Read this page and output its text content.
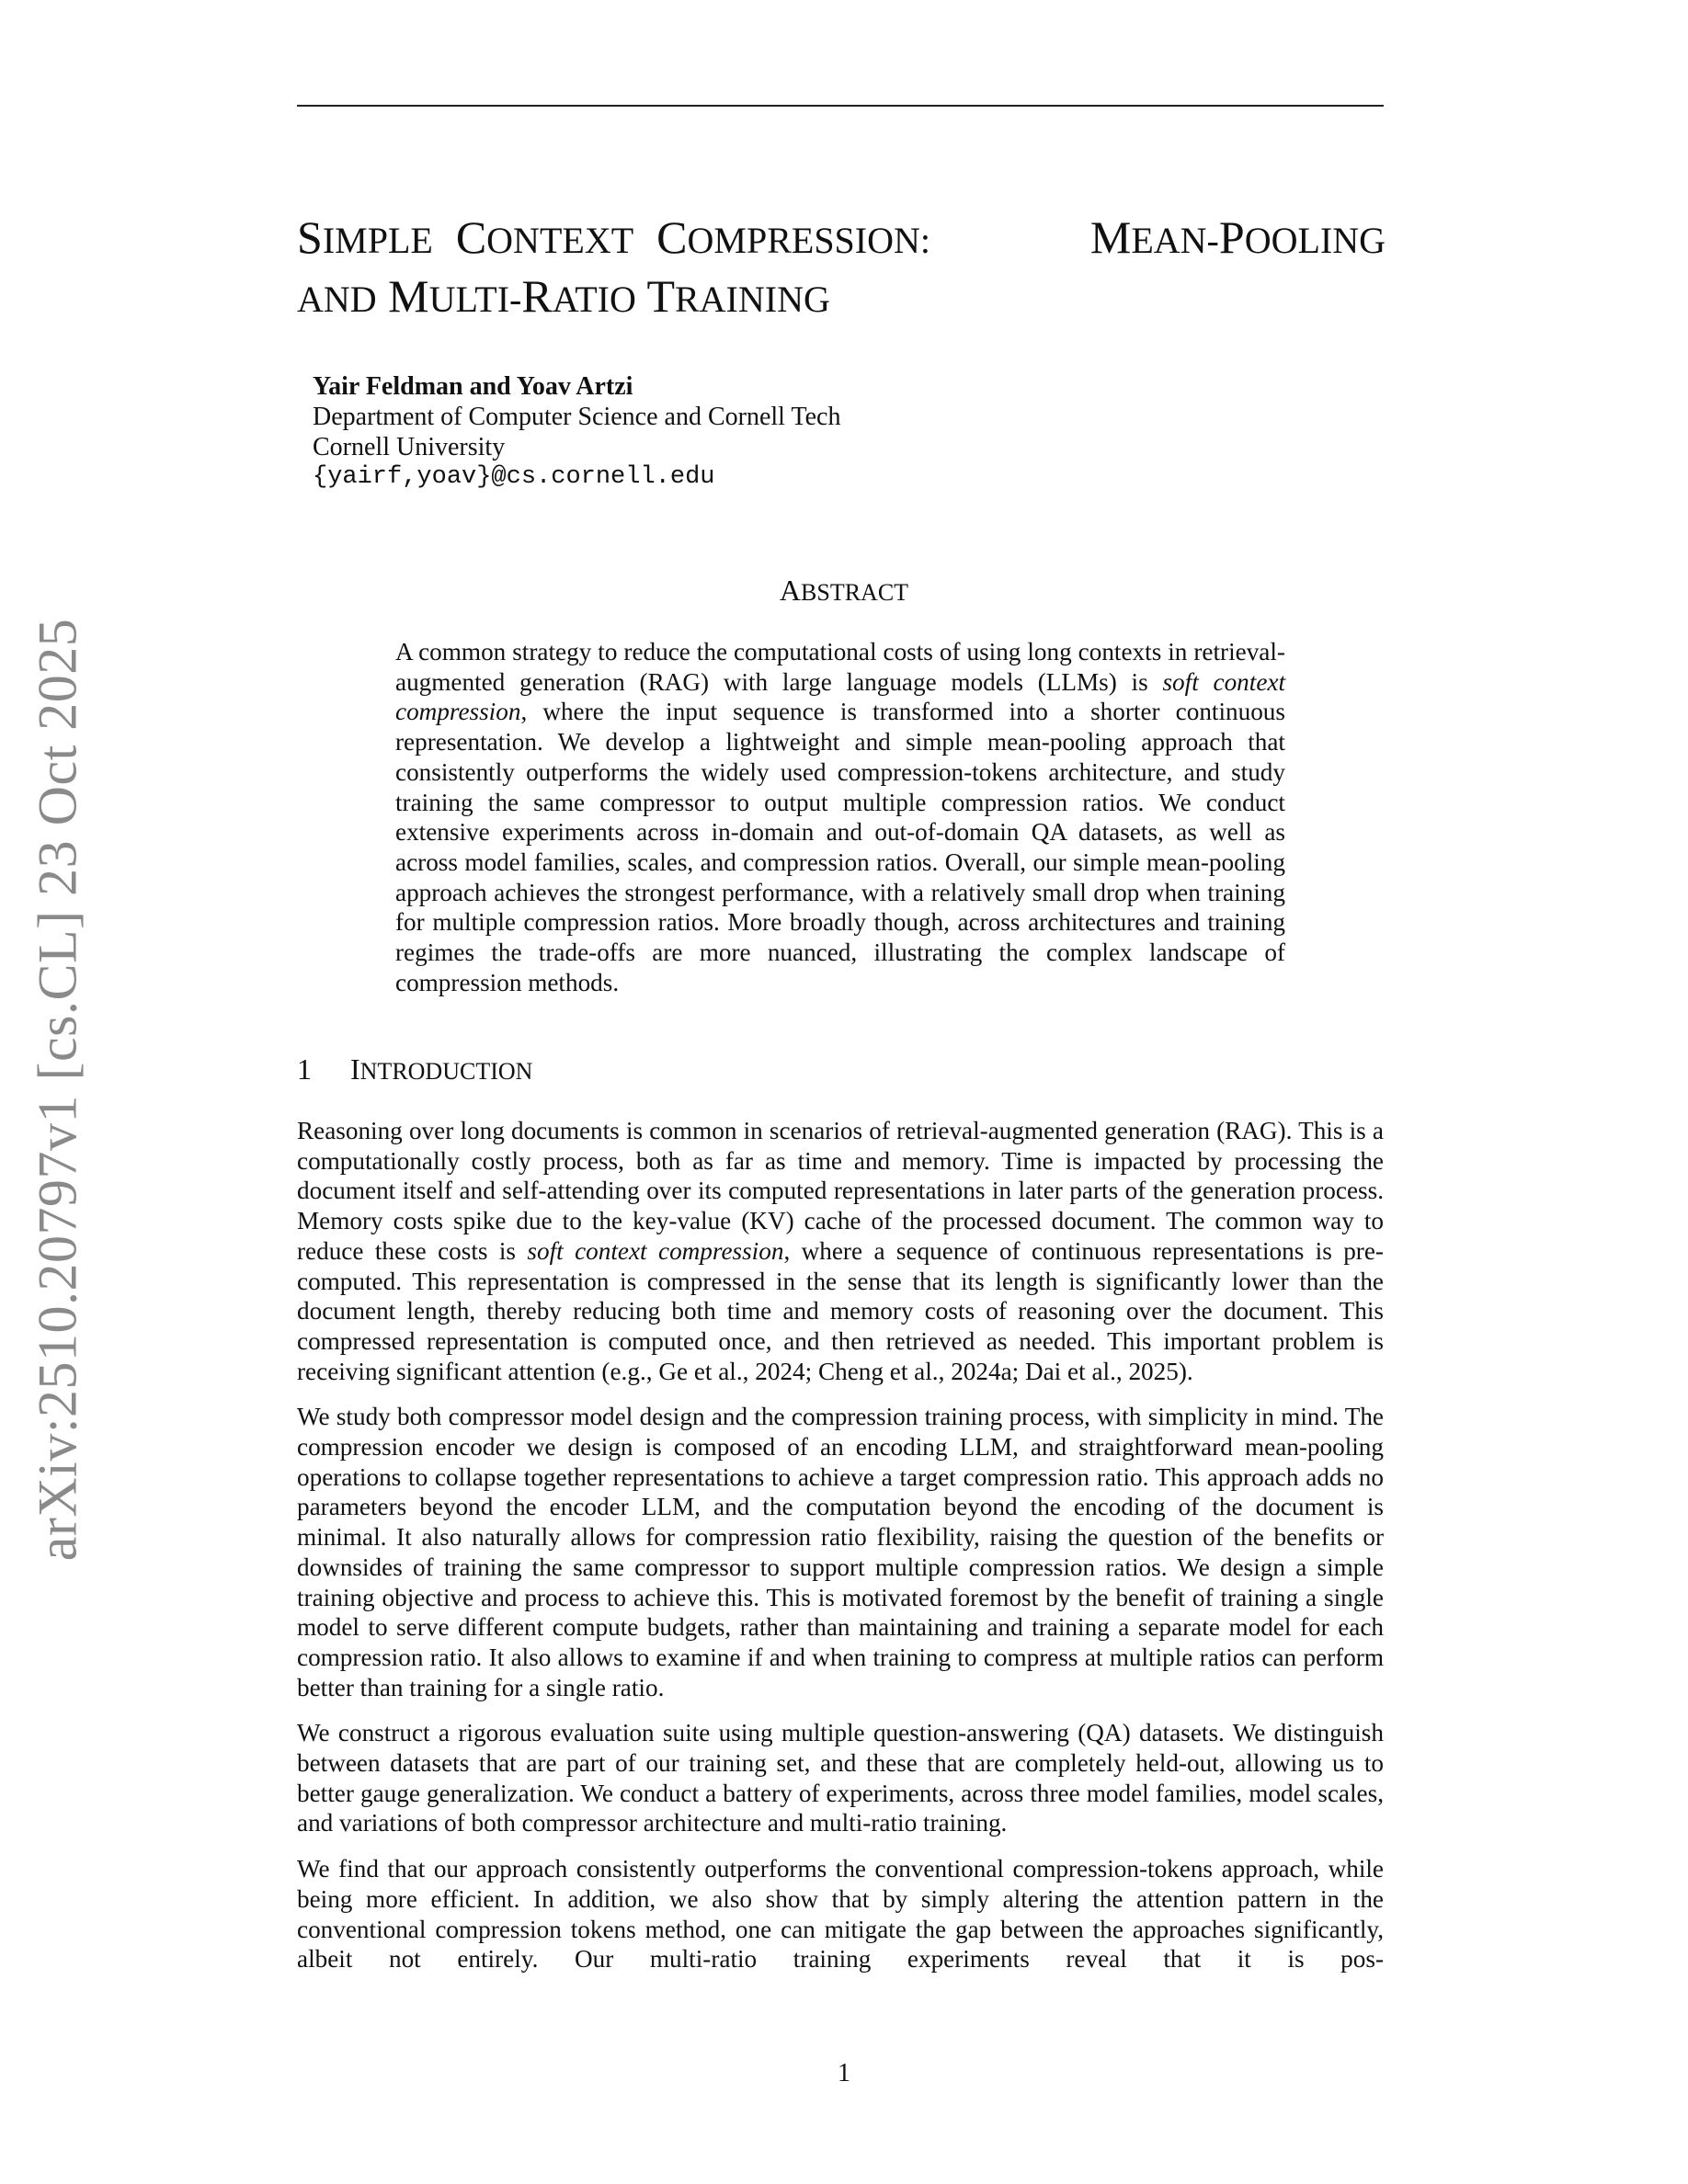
arXiv:2510.20797v1 [cs.CL] 23 Oct 2025
SIMPLE CONTEXT COMPRESSION:	MEAN-POOLING
AND MULTI-RATIO TRAINING
Yair Feldman and Yoav Artzi
Department of Computer Science and Cornell Tech
Cornell University
{yairf,yoav}@cs.cornell.edu
ABSTRACT

A common strategy to reduce the computational costs of using long contexts in retrieval-augmented generation (RAG) with large language models (LLMs) is soft context compression, where the input sequence is transformed into a shorter continuous representation. We develop a lightweight and simple mean-pooling approach that consistently outperforms the widely used compression-tokens architecture, and study training the same compressor to output multiple compression ratios. We conduct extensive experiments across in-domain and out-of-domain QA datasets, as well as across model families, scales, and compression ratios. Overall, our simple mean-pooling approach achieves the strongest performance, with a relatively small drop when training for multiple compression ratios. More broadly though, across architectures and training regimes the trade-offs are more nuanced, illustrating the complex landscape of compression methods.

1 INTRODUCTION

Reasoning over long documents is common in scenarios of retrieval-augmented generation (RAG). This is a computationally costly process, both as far as time and memory. Time is impacted by processing the document itself and self-attending over its computed representations in later parts of the generation process. Memory costs spike due to the key-value (KV) cache of the processed document. The common way to reduce these costs is soft context compression, where a sequence of continuous representations is pre-computed. This representation is compressed in the sense that its length is significantly lower than the document length, thereby reducing both time and memory costs of reasoning over the document. This compressed representation is computed once, and then retrieved as needed. This important problem is receiving significant attention (e.g., Ge et al., 2024; Cheng et al., 2024a; Dai et al., 2025).

We study both compressor model design and the compression training process, with simplicity in mind. The compression encoder we design is composed of an encoding LLM, and straightforward mean-pooling operations to collapse together representations to achieve a target compression ratio. This approach adds no parameters beyond the encoder LLM, and the computation beyond the encoding of the document is minimal. It also naturally allows for compression ratio flexibility, raising the question of the benefits or downsides of training the same compressor to support multiple compression ratios. We design a simple training objective and process to achieve this. This is motivated foremost by the benefit of training a single model to serve different compute budgets, rather than maintaining and training a separate model for each compression ratio. It also allows to examine if and when training to compress at multiple ratios can perform better than training for a single ratio.

We construct a rigorous evaluation suite using multiple question-answering (QA) datasets. We distinguish between datasets that are part of our training set, and these that are completely held-out, allowing us to better gauge generalization. We conduct a battery of experiments, across three model families, model scales, and variations of both compressor architecture and multi-ratio training.

We find that our approach consistently outperforms the conventional compression-tokens approach, while being more efficient. In addition, we also show that by simply altering the attention pattern in the conventional compression tokens method, one can mitigate the gap between the approaches significantly, albeit not entirely. Our multi-ratio training experiments reveal that it is pos-

1
